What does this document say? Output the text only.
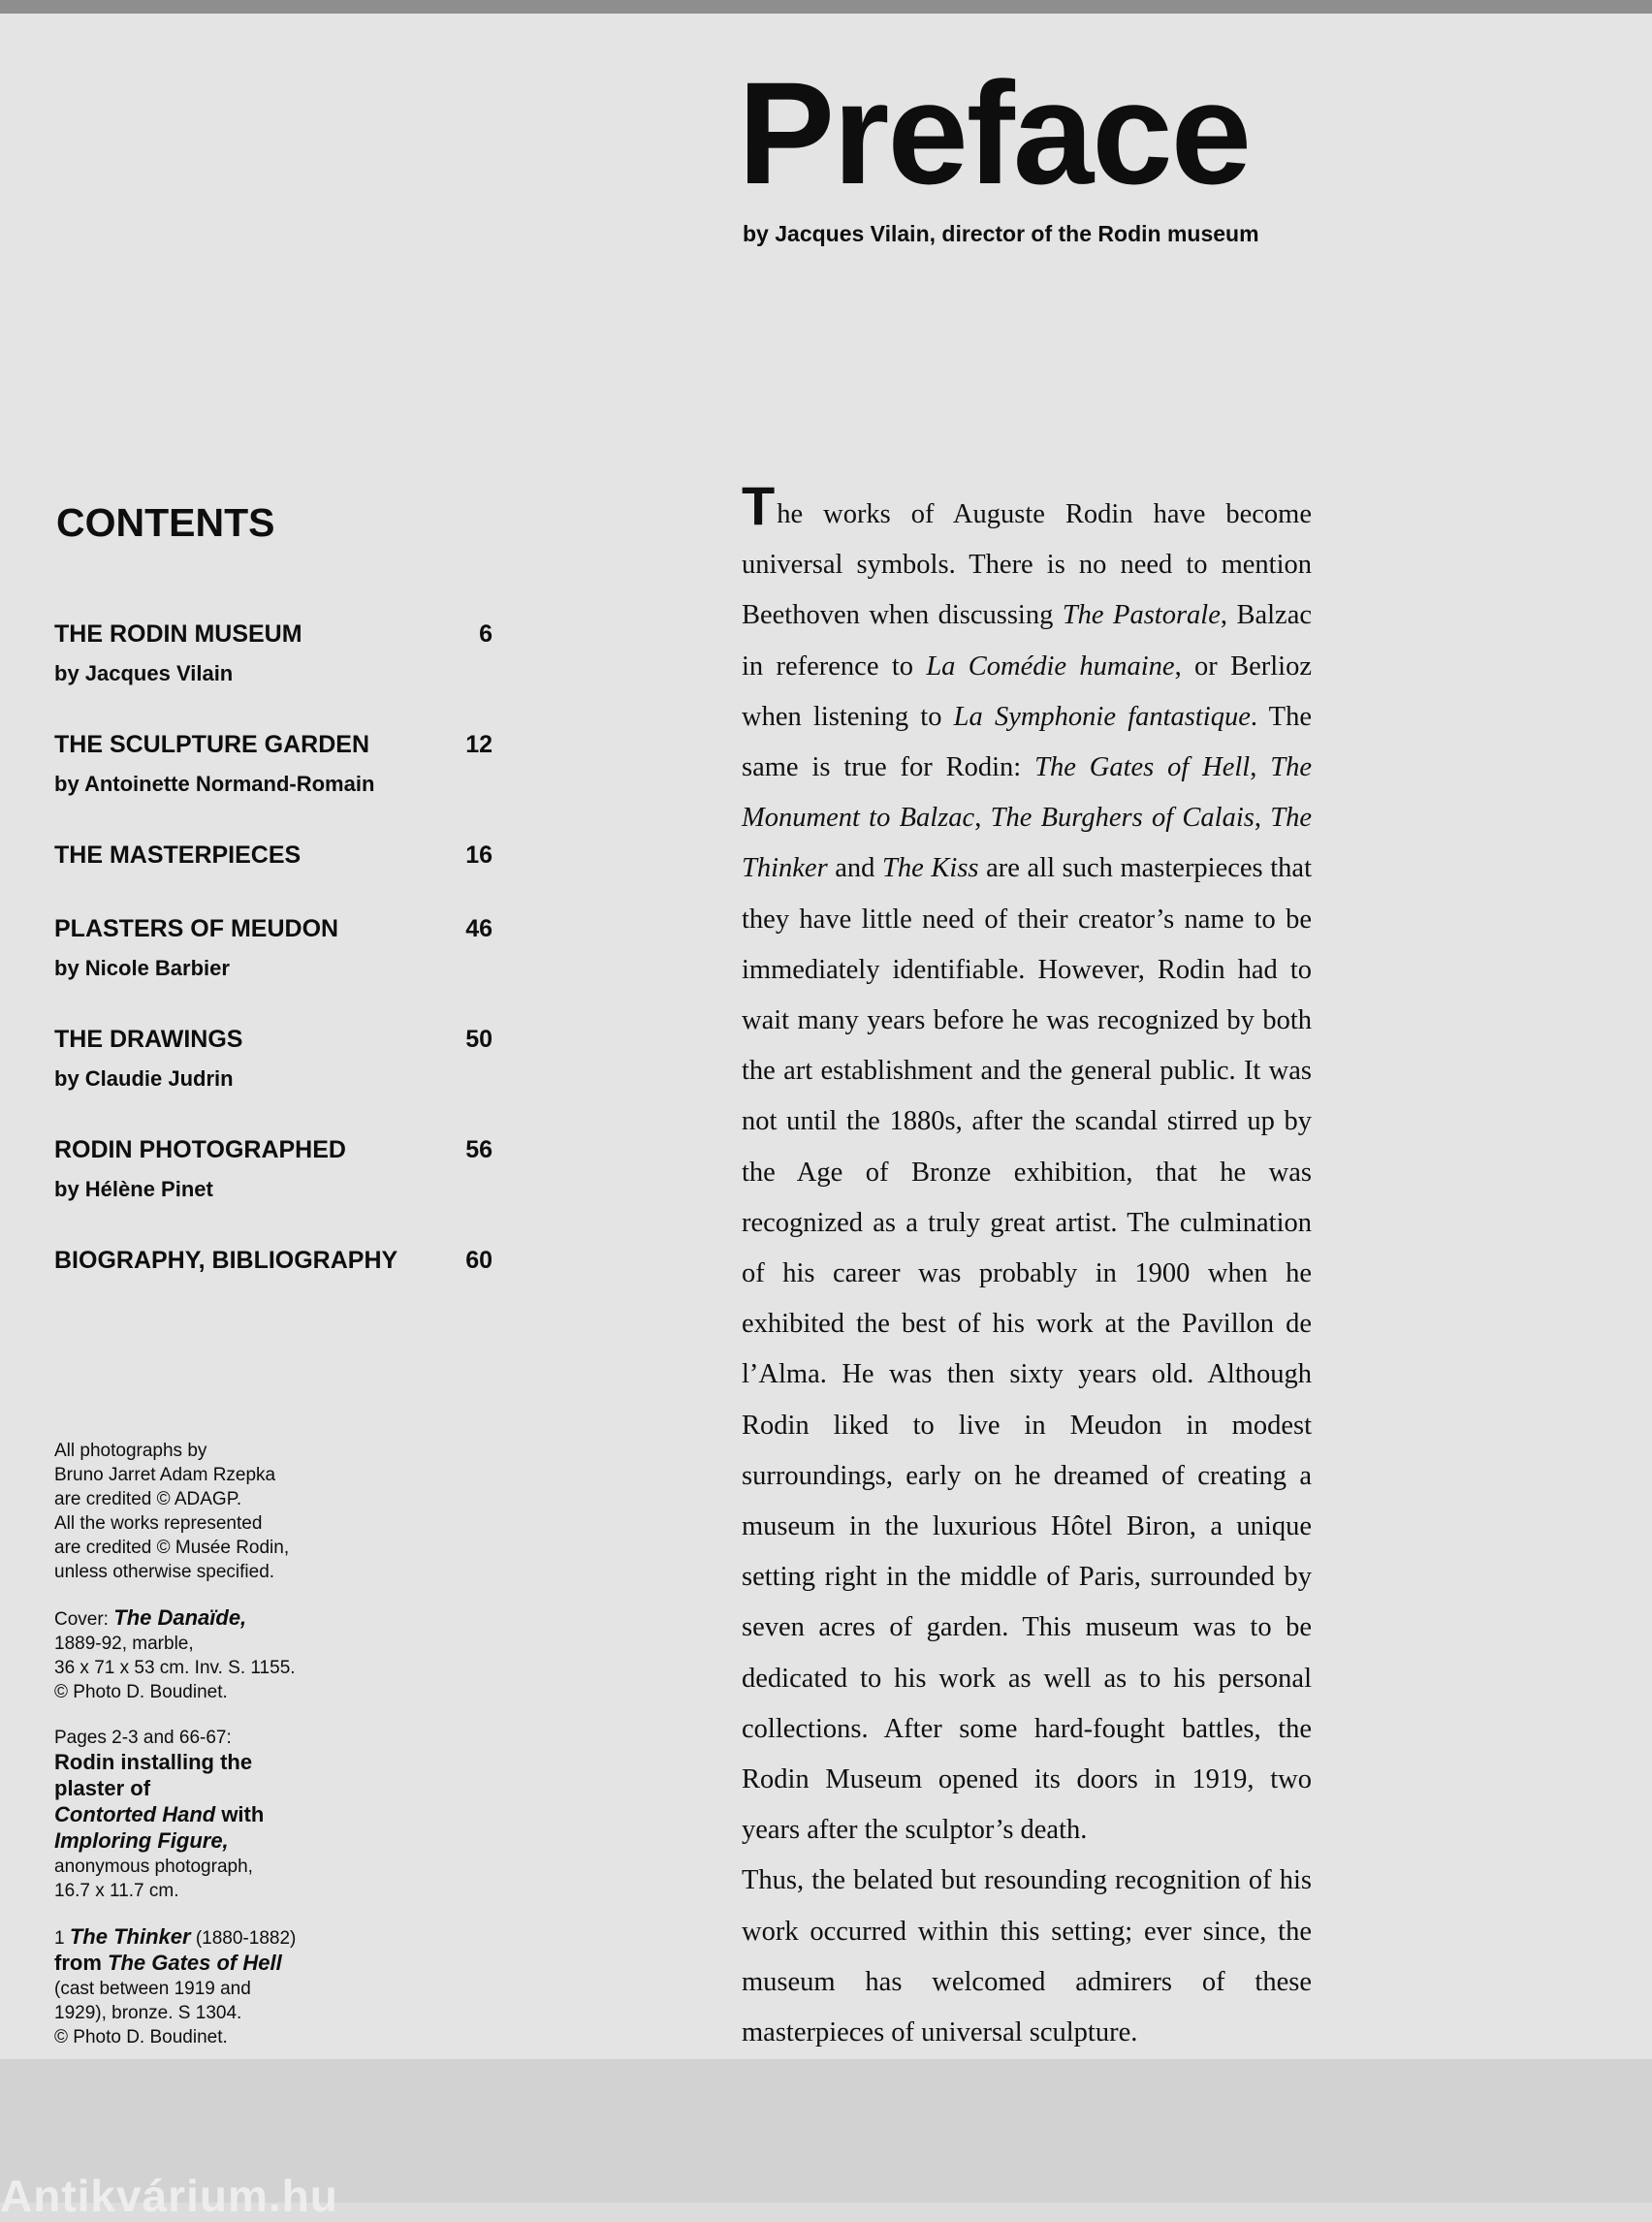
Preface
by Jacques Vilain, director of the Rodin museum
CONTENTS
THE RODIN MUSEUM	6
by Jacques Vilain
THE SCULPTURE GARDEN	12
by Antoinette Normand-Romain
THE MASTERPIECES	16
PLASTERS OF MEUDON	46
by Nicole Barbier
THE DRAWINGS	50
by Claudie Judrin
RODIN PHOTOGRAPHED	56
by Hélène Pinet
BIOGRAPHY, BIBLIOGRAPHY	60

All photographs by
Bruno Jarret Adam Rzepka
are credited © ADAGP.
All the works represented
are credited © Musée Rodin,
unless otherwise specified.

Cover: The Danaïde,
1889-92, marble,
36 x 71 x 53 cm. Inv. S. 1155.
© Photo D. Boudinet.

Pages 2-3 and 66-67:
Rodin installing the
plaster of
Contorted Hand with
Imploring Figure,
anonymous photograph,
16.7 x 11.7 cm.

1 The Thinker (1880-1882)
from The Gates of Hell
(cast between 1919 and
1929), bronze. S 1304.
© Photo D. Boudinet.

The works of Auguste Rodin have become universal symbols. There is no need to mention Beethoven when discussing The Pastorale, Balzac in reference to La Comédie humaine, or Berlioz when listening to La Symphonie fantastique. The same is true for Rodin: The Gates of Hell, The Monument to Balzac, The Burghers of Calais, The Thinker and The Kiss are all such masterpieces that they have little need of their creator’s name to be immediately identifiable. However, Rodin had to wait many years before he was recognized by both the art establishment and the general public. It was not until the 1880s, after the scandal stirred up by the Age of Bronze exhibition, that he was recognized as a truly great artist. The culmination of his career was probably in 1900 when he exhibited the best of his work at the Pavillon de l’Alma. He was then sixty years old. Although Rodin liked to live in Meudon in modest surroundings, early on he dreamed of creating a museum in the luxurious Hôtel Biron, a unique setting right in the middle of Paris, surrounded by seven acres of garden. This museum was to be dedicated to his work as well as to his personal collections. After some hard-fought battles, the Rodin Museum opened its doors in 1919, two years after the sculptor’s death.

Thus, the belated but resounding recognition of his work occurred within this setting; ever since, the museum has welcomed admirers of these masterpieces of universal sculpture.

Antikvárium.hu
